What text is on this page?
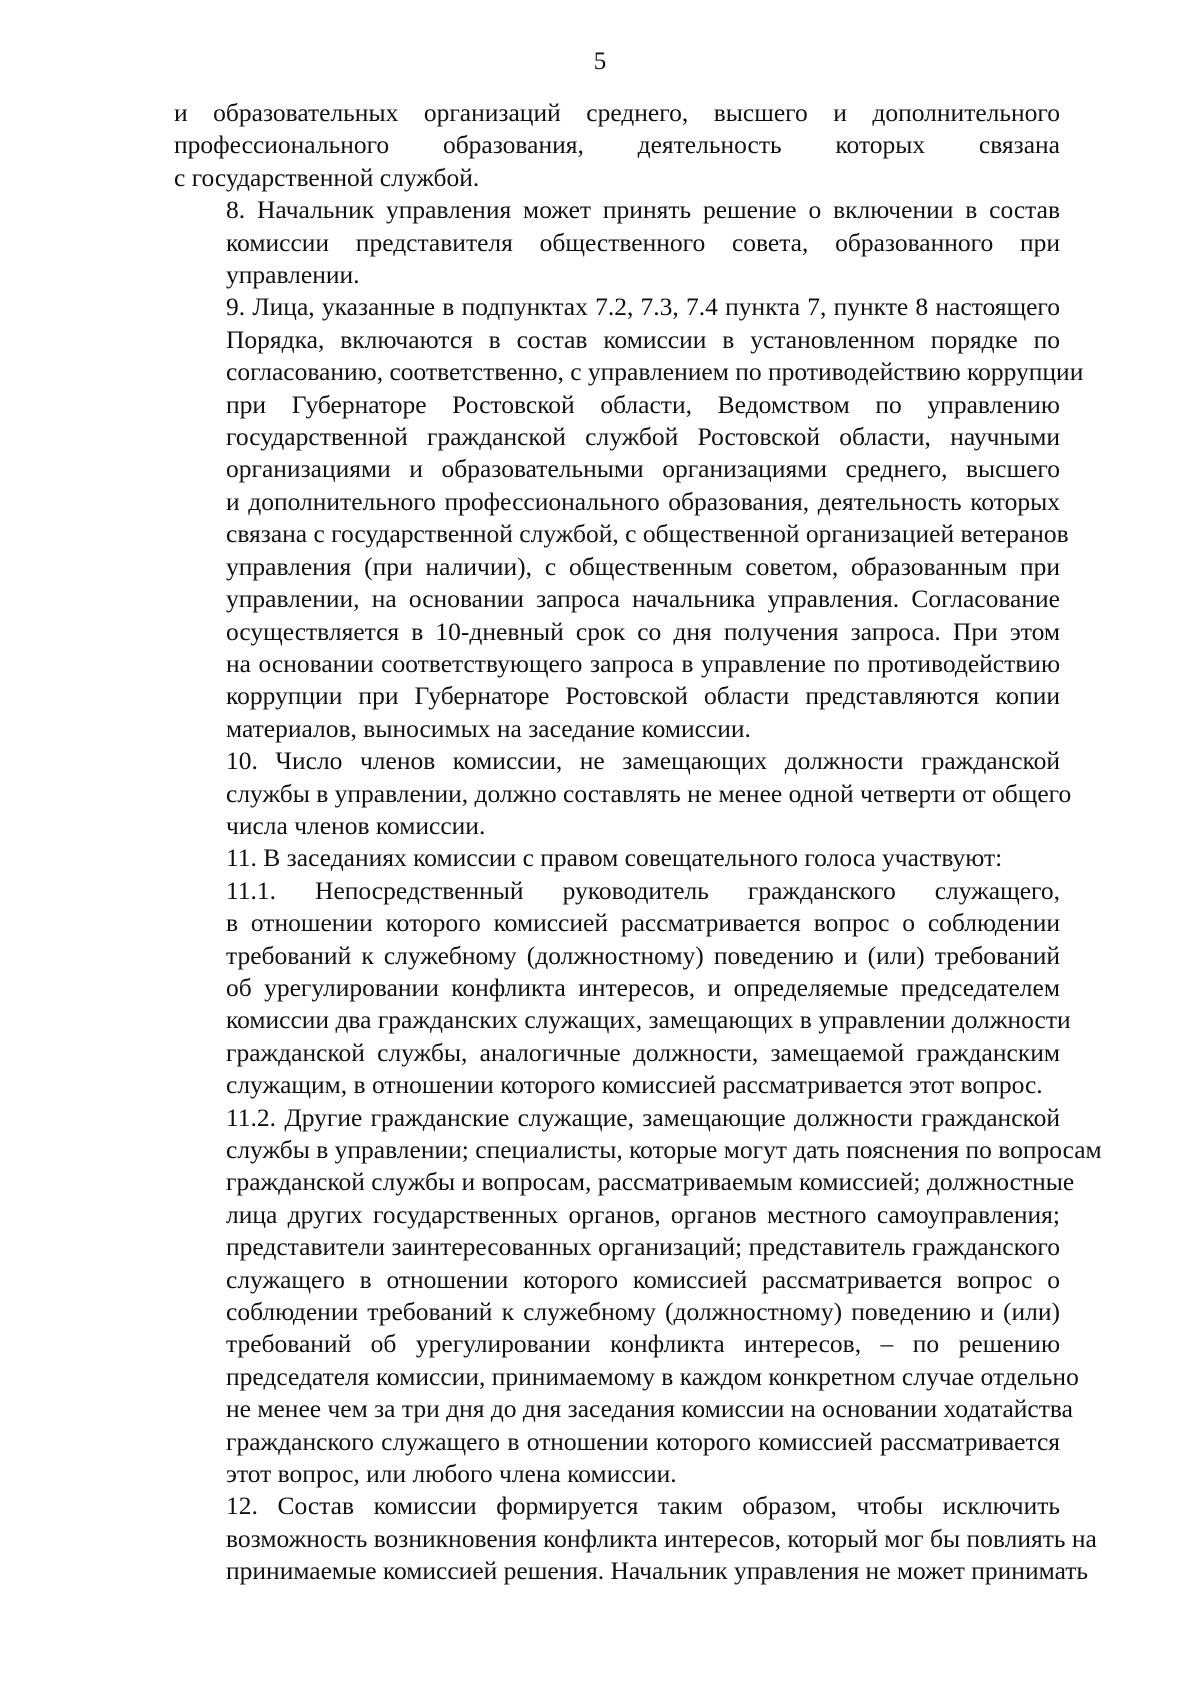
5
и образовательных организаций среднего, высшего и дополнительного
профессионального образования, деятельность которых связана
с государственной службой.
8. Начальник управления может принять решение о включении в состав
комиссии представителя общественного совета, образованного при
управлении.
9. Лица, указанные в подпунктах 7.2, 7.3, 7.4 пункта 7, пункте 8 настоящего
Порядка, включаются в состав комиссии в установленном порядке по
согласованию, соответственно, с управлением по противодействию коррупции
при Губернаторе Ростовской области, Ведомством по управлению
государственной гражданской службой Ростовской области, научными
организациями и образовательными организациями среднего, высшего
и дополнительного профессионального образования, деятельность которых
связана с государственной службой, с общественной организацией ветеранов
управления (при наличии), с общественным советом, образованным при
управлении, на основании запроса начальника управления. Согласование
осуществляется в 10-дневный срок со дня получения запроса. При этом
на основании соответствующего запроса в управление по противодействию
коррупции при Губернаторе Ростовской области представляются копии
материалов, выносимых на заседание комиссии.
10. Число членов комиссии, не замещающих должности гражданской
службы в управлении, должно составлять не менее одной четверти от общего
числа членов комиссии.
11. В заседаниях комиссии с правом совещательного голоса участвуют:
11.1. Непосредственный руководитель гражданского служащего,
в отношении которого комиссией рассматривается вопрос о соблюдении
требований к служебному (должностному) поведению и (или) требований
об урегулировании конфликта интересов, и определяемые председателем
комиссии два гражданских служащих, замещающих в управлении должности
гражданской службы, аналогичные должности, замещаемой гражданским
служащим, в отношении которого комиссией рассматривается этот вопрос.
11.2. Другие гражданские служащие, замещающие должности гражданской
службы в управлении; специалисты, которые могут дать пояснения по вопросам
гражданской службы и вопросам, рассматриваемым комиссией; должностные
лица других государственных органов, органов местного самоуправления;
представители заинтересованных организаций; представитель гражданского
служащего в отношении которого комиссией рассматривается вопрос о
соблюдении требований к служебному (должностному) поведению и (или)
требований об урегулировании конфликта интересов, – по решению
председателя комиссии, принимаемому в каждом конкретном случае отдельно
не менее чем за три дня до дня заседания комиссии на основании ходатайства
гражданского служащего в отношении которого комиссией рассматривается
этот вопрос, или любого члена комиссии.
12. Состав комиссии формируется таким образом, чтобы исключить
возможность возникновения конфликта интересов, который мог бы повлиять на
принимаемые комиссией решения. Начальник управления не может принимать
